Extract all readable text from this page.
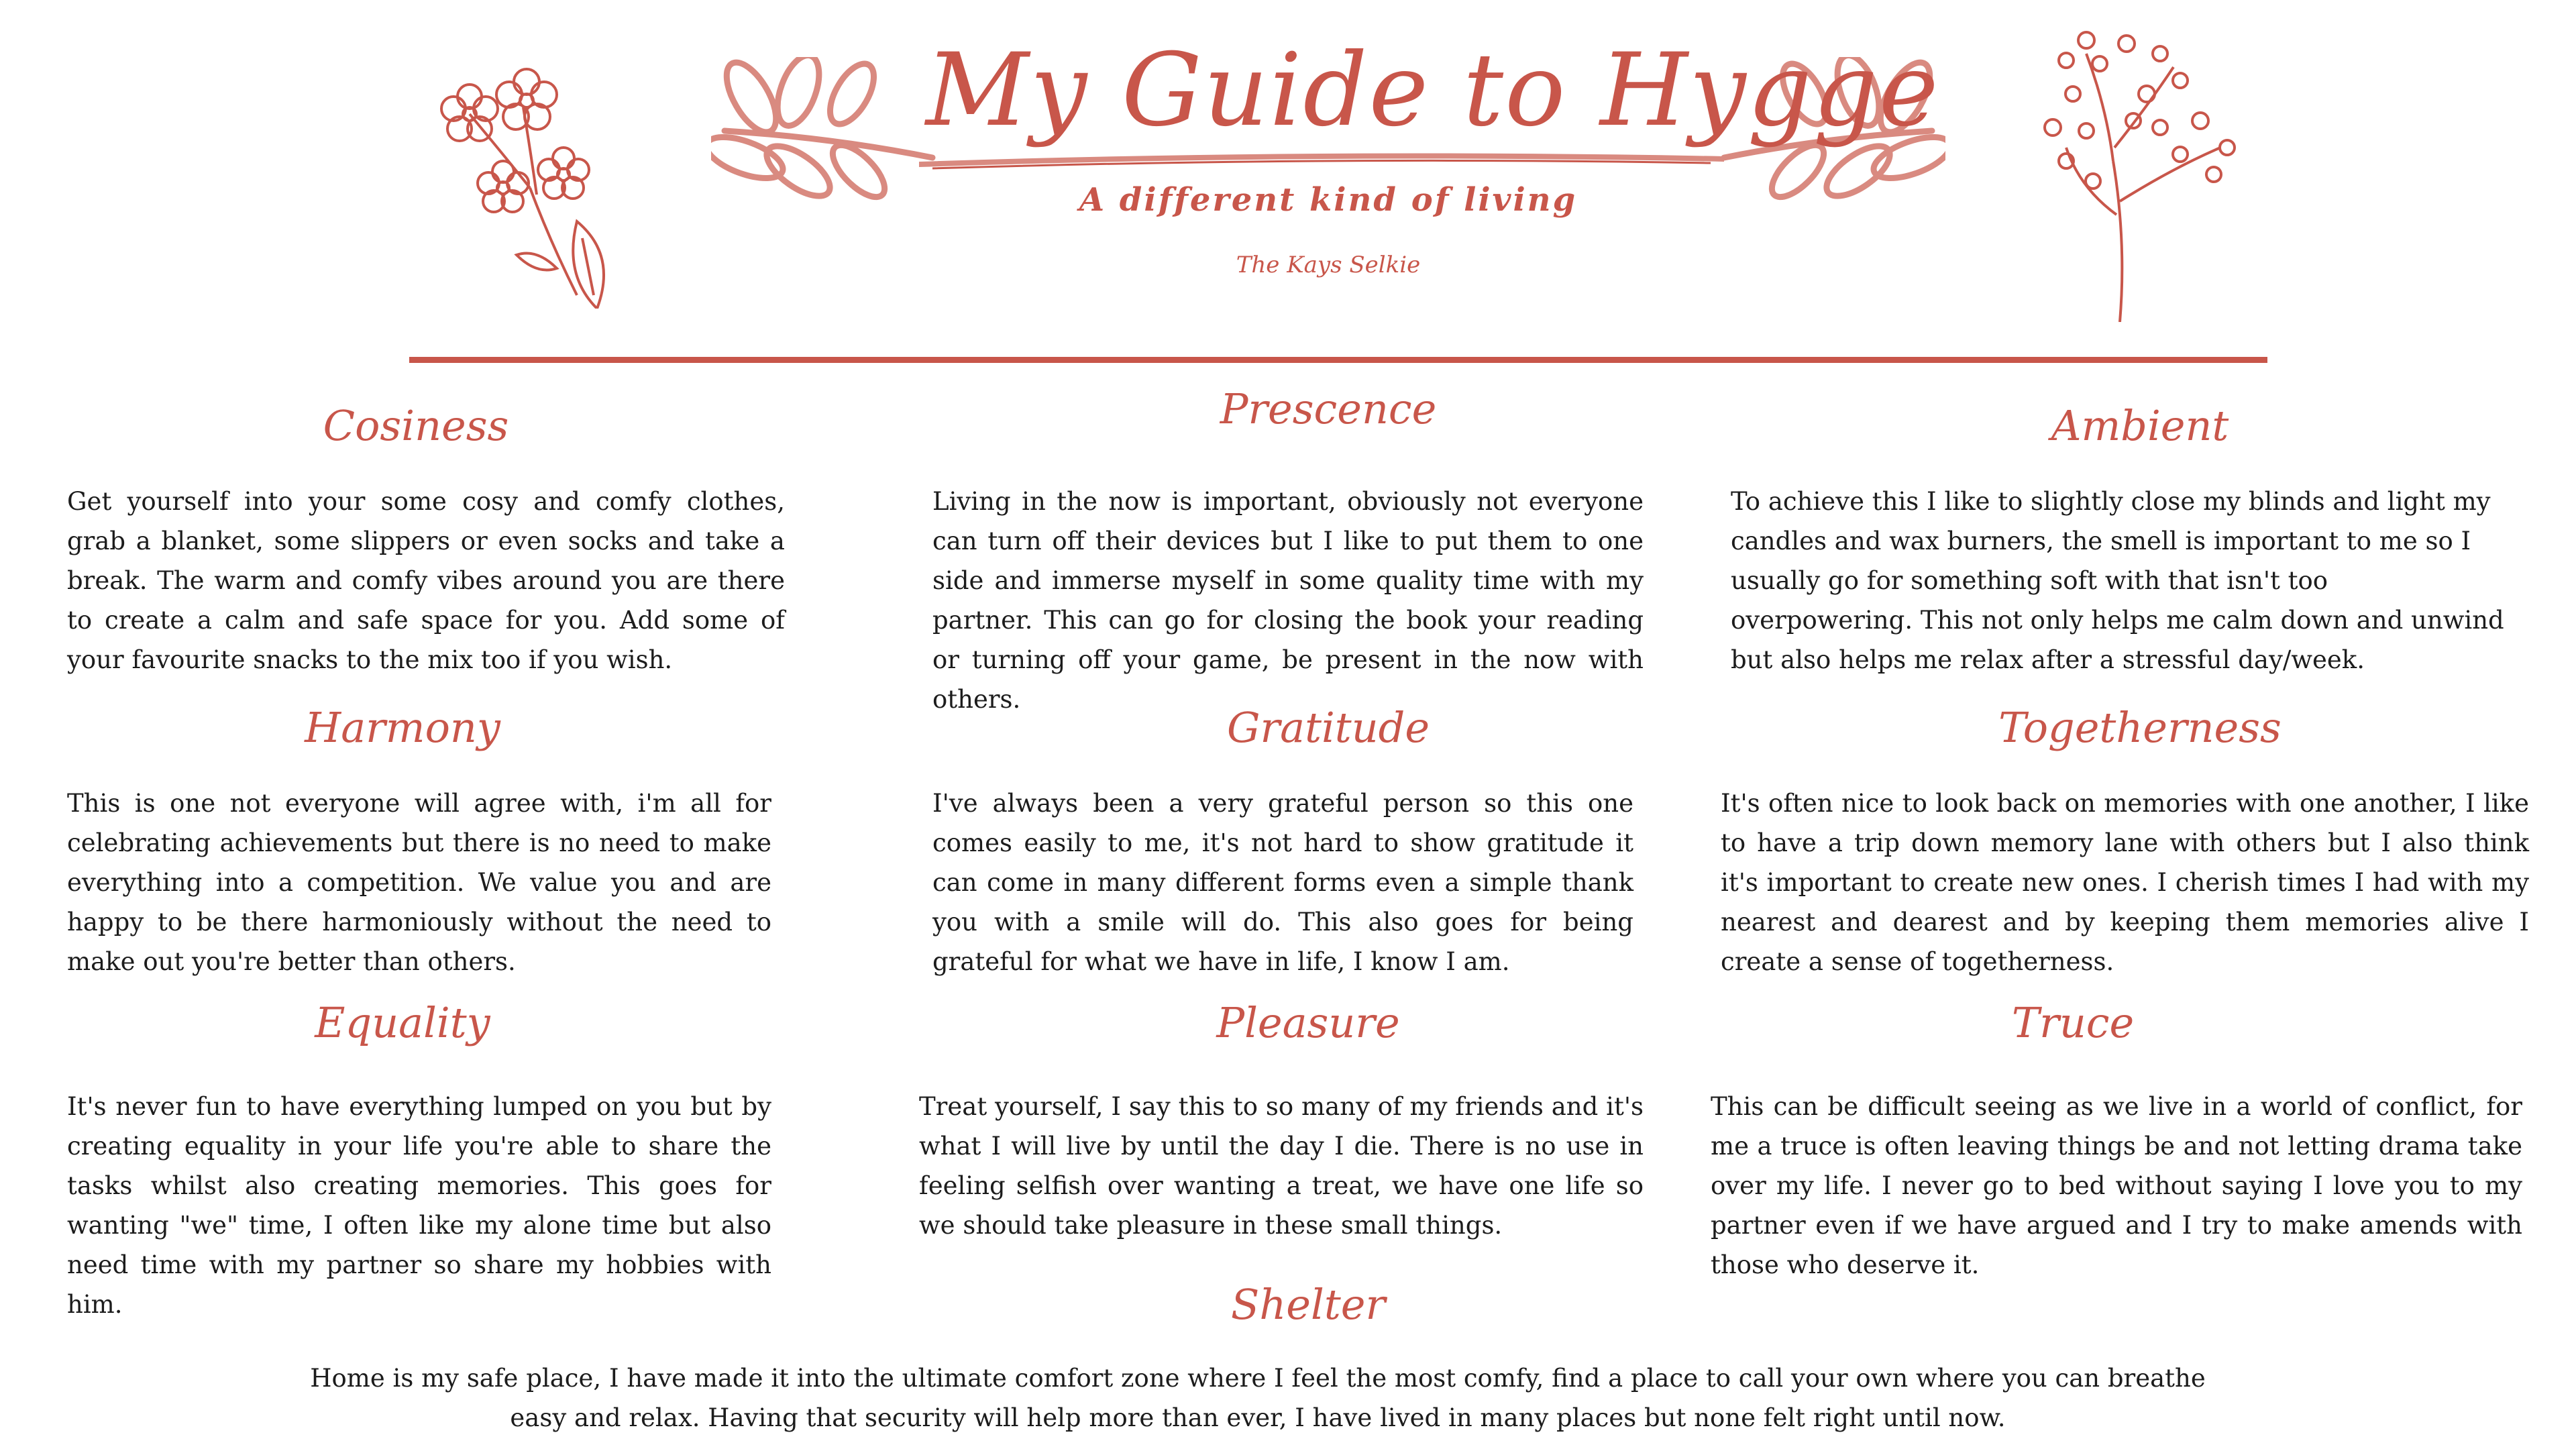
My Guide to Hygge
A different kind of living
The Kays Selkie
Cosiness
Get yourself into your some cosy and comfy clothes, grab a blanket, some slippers or even socks and take a break. The warm and comfy vibes around you are there to create a calm and safe space for you. Add some of your favourite snacks to the mix too if you wish.
Prescence
Living in the now is important, obviously not everyone can turn off their devices but I like to put them to one side and immerse myself in some quality time with my partner. This can go for closing the book your reading or turning off your game, be present in the now with others.
Ambient
To achieve this I like to slightly close my blinds and light my candles and wax burners, the smell is important to me so I usually go for something soft with that isn't too overpowering. This not only helps me calm down and unwind but also helps me relax after a stressful day/week.
Harmony
This is one not everyone will agree with, i'm all for celebrating achievements but there is no need to make everything into a competition. We value you and are happy to be there harmoniously without the need to make out you're better than others.
Gratitude
I've always been a very grateful person so this one comes easily to me, it's not hard to show gratitude it can come in many different forms even a simple thank you with a smile will do. This also goes for being grateful for what we have in life, I know I am.
Togetherness
It's often nice to look back on memories with one another, I like to have a trip down memory lane with others but I also think it's important to create new ones. I cherish times I had with my nearest and dearest and by keeping them memories alive I create a sense of togetherness.
Equality
It's never fun to have everything lumped on you but by creating equality in your life you're able to share the tasks whilst also creating memories. This goes for wanting "we" time, I often like my alone time but also need time with my partner so share my hobbies with him.
Pleasure
Treat yourself, I say this to so many of my friends and it's what I will live by until the day I die. There is no use in feeling selfish over wanting a treat, we have one life so we should take pleasure in these small things.
Truce
This can be difficult seeing as we live in a world of conflict, for me a truce is often leaving things be and not letting drama take over my life. I never go to bed without saying I love you to my partner even if we have argued and I try to make amends with those who deserve it.
Shelter
Home is my safe place, I have made it into the ultimate comfort zone where I feel the most comfy, find a place to call your own where you can breathe easy and relax. Having that security will help more than ever, I have lived in many places but none felt right until now.
